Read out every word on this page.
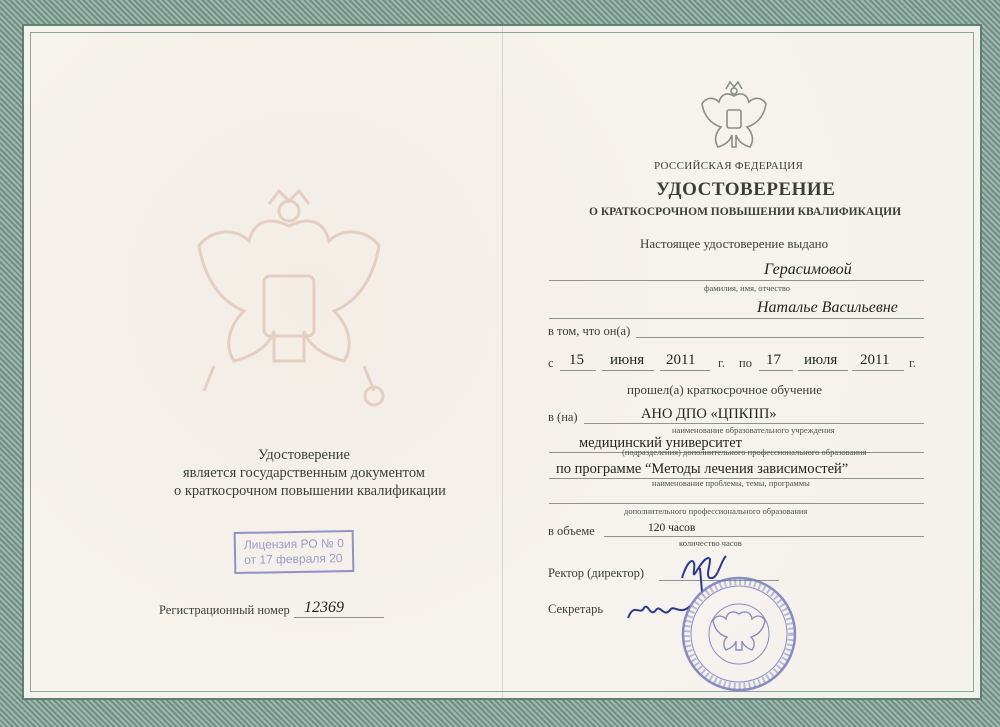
Удостоверение
является государственным документом
о краткосрочном повышении квалификации
Лицензия РО № 0
от 17 февраля 20
Регистрационный номер 12369
РОССИЙСКАЯ ФЕДЕРАЦИЯ
УДОСТОВЕРЕНИЕ
О КРАТКОСРОЧНОМ ПОВЫШЕНИИ КВАЛИФИКАЦИИ
Настоящее удостоверение выдано
Герасимовой
фамилия, имя, отчество
Наталье Васильевне
в том, что он(а)
с 15 июня 2011 г. по 17 июля 2011 г.
прошел(а) краткосрочное обучение
в (на)	АНО ДПО «ЦПКПП»
наименование образовательного учреждения
медицинский университет
(подразделения) дополнительного профессионального образования
по программе “Методы лечения зависимостей”
наименование проблемы, темы, программы
дополнительного профессионального образования
в объеме	120 часов
количество часов
Ректор (директор)
Секретарь
